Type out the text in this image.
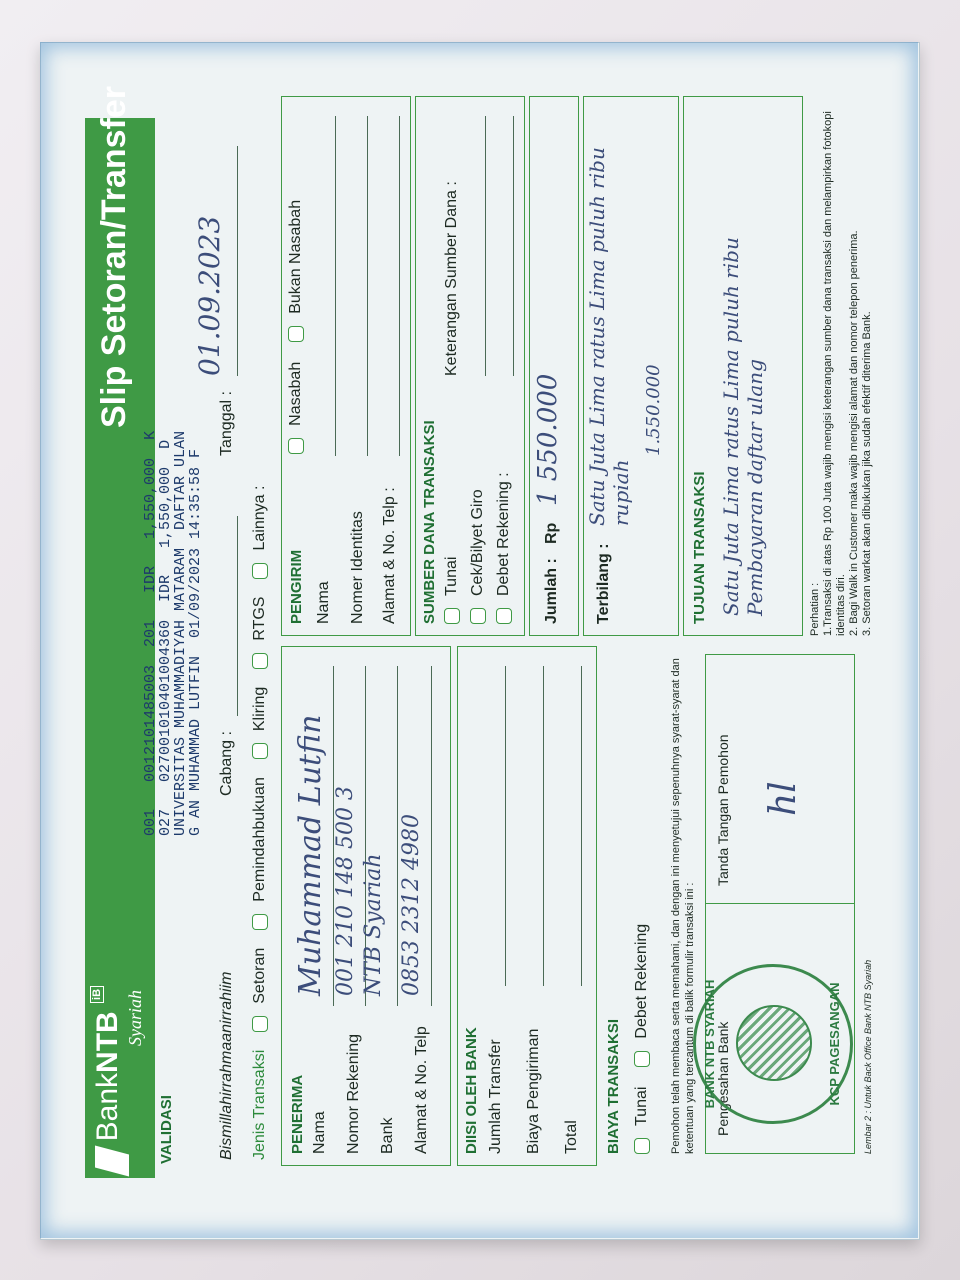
BankNTB $^{iB}$	Syariah
Slip Setoran/Transfer
VALIDASI
001   0012101485003  201   IDR   1,550,000  K
027   027001010401004360  IDR   1,550,000  D
UNIVERSITAS MUHAMMADIYAH MATARAM  DAFTAR ULAN
G AN MUHAMMAD LUTFIN  01/09/2023 14:35:58 F
Bismillahirrahmaanirrahiim
Cabang :
Tanggal :
01.09.2023
Jenis Transaksi
Setoran
Pemindahbukuan
Kliring
RTGS
Lainnya :
PENERIMA Nama
Muhammad Lutfin
Nomor Rekening
001 210 148 500 3
Bank
NTB Syariah
Alamat & No. Telp
0853 2312 4980
PENGIRIM
Nasabah
Bukan Nasabah
Nama Nomer Identitas Alamat & No. Telp :
DIISI OLEH BANK Jumlah Transfer Biaya Pengiriman Total
SUMBER DANA TRANSAKSI Tunai
Keterangan Sumber Dana :
Cek/Bilyet Giro Debet Rekening : Jumlah :
Rp
1 550.000
Terbilang :
Satu Juta Lima ratus Lima puluh ribu rupiah
1.550.000
BIAYA TRANSAKSI Tunai
Debet Rekening Pemohon telah membaca serta memahami, dan dengan ini menyetujui sepenuhnya syarat-syarat dan ketentuan yang tercantum di balik formulir transaksi ini : Pengesahan Bank
Tanda Tangan Pemohon hl
BANK NTB SYARIAH	KCP PAGESANGAN
TUJUAN TRANSAKSI Satu Juta Lima ratus Lima puluh ribu Pembayaran daftar ulang	Perhatian : 1.Transaksi di atas Rp 100 Juta wajib mengisi keterangan sumber dana transaksi dan melampirkan fotokopi identitas diri. 2. Bagi Walk in Customer maka wajib mengisi alamat dan nomor telepon penerima. 3. Setoran warkat akan dibukukan jika sudah efektif diterima Bank.
Lembar 2 : Untuk Back Office Bank NTB Syariah
